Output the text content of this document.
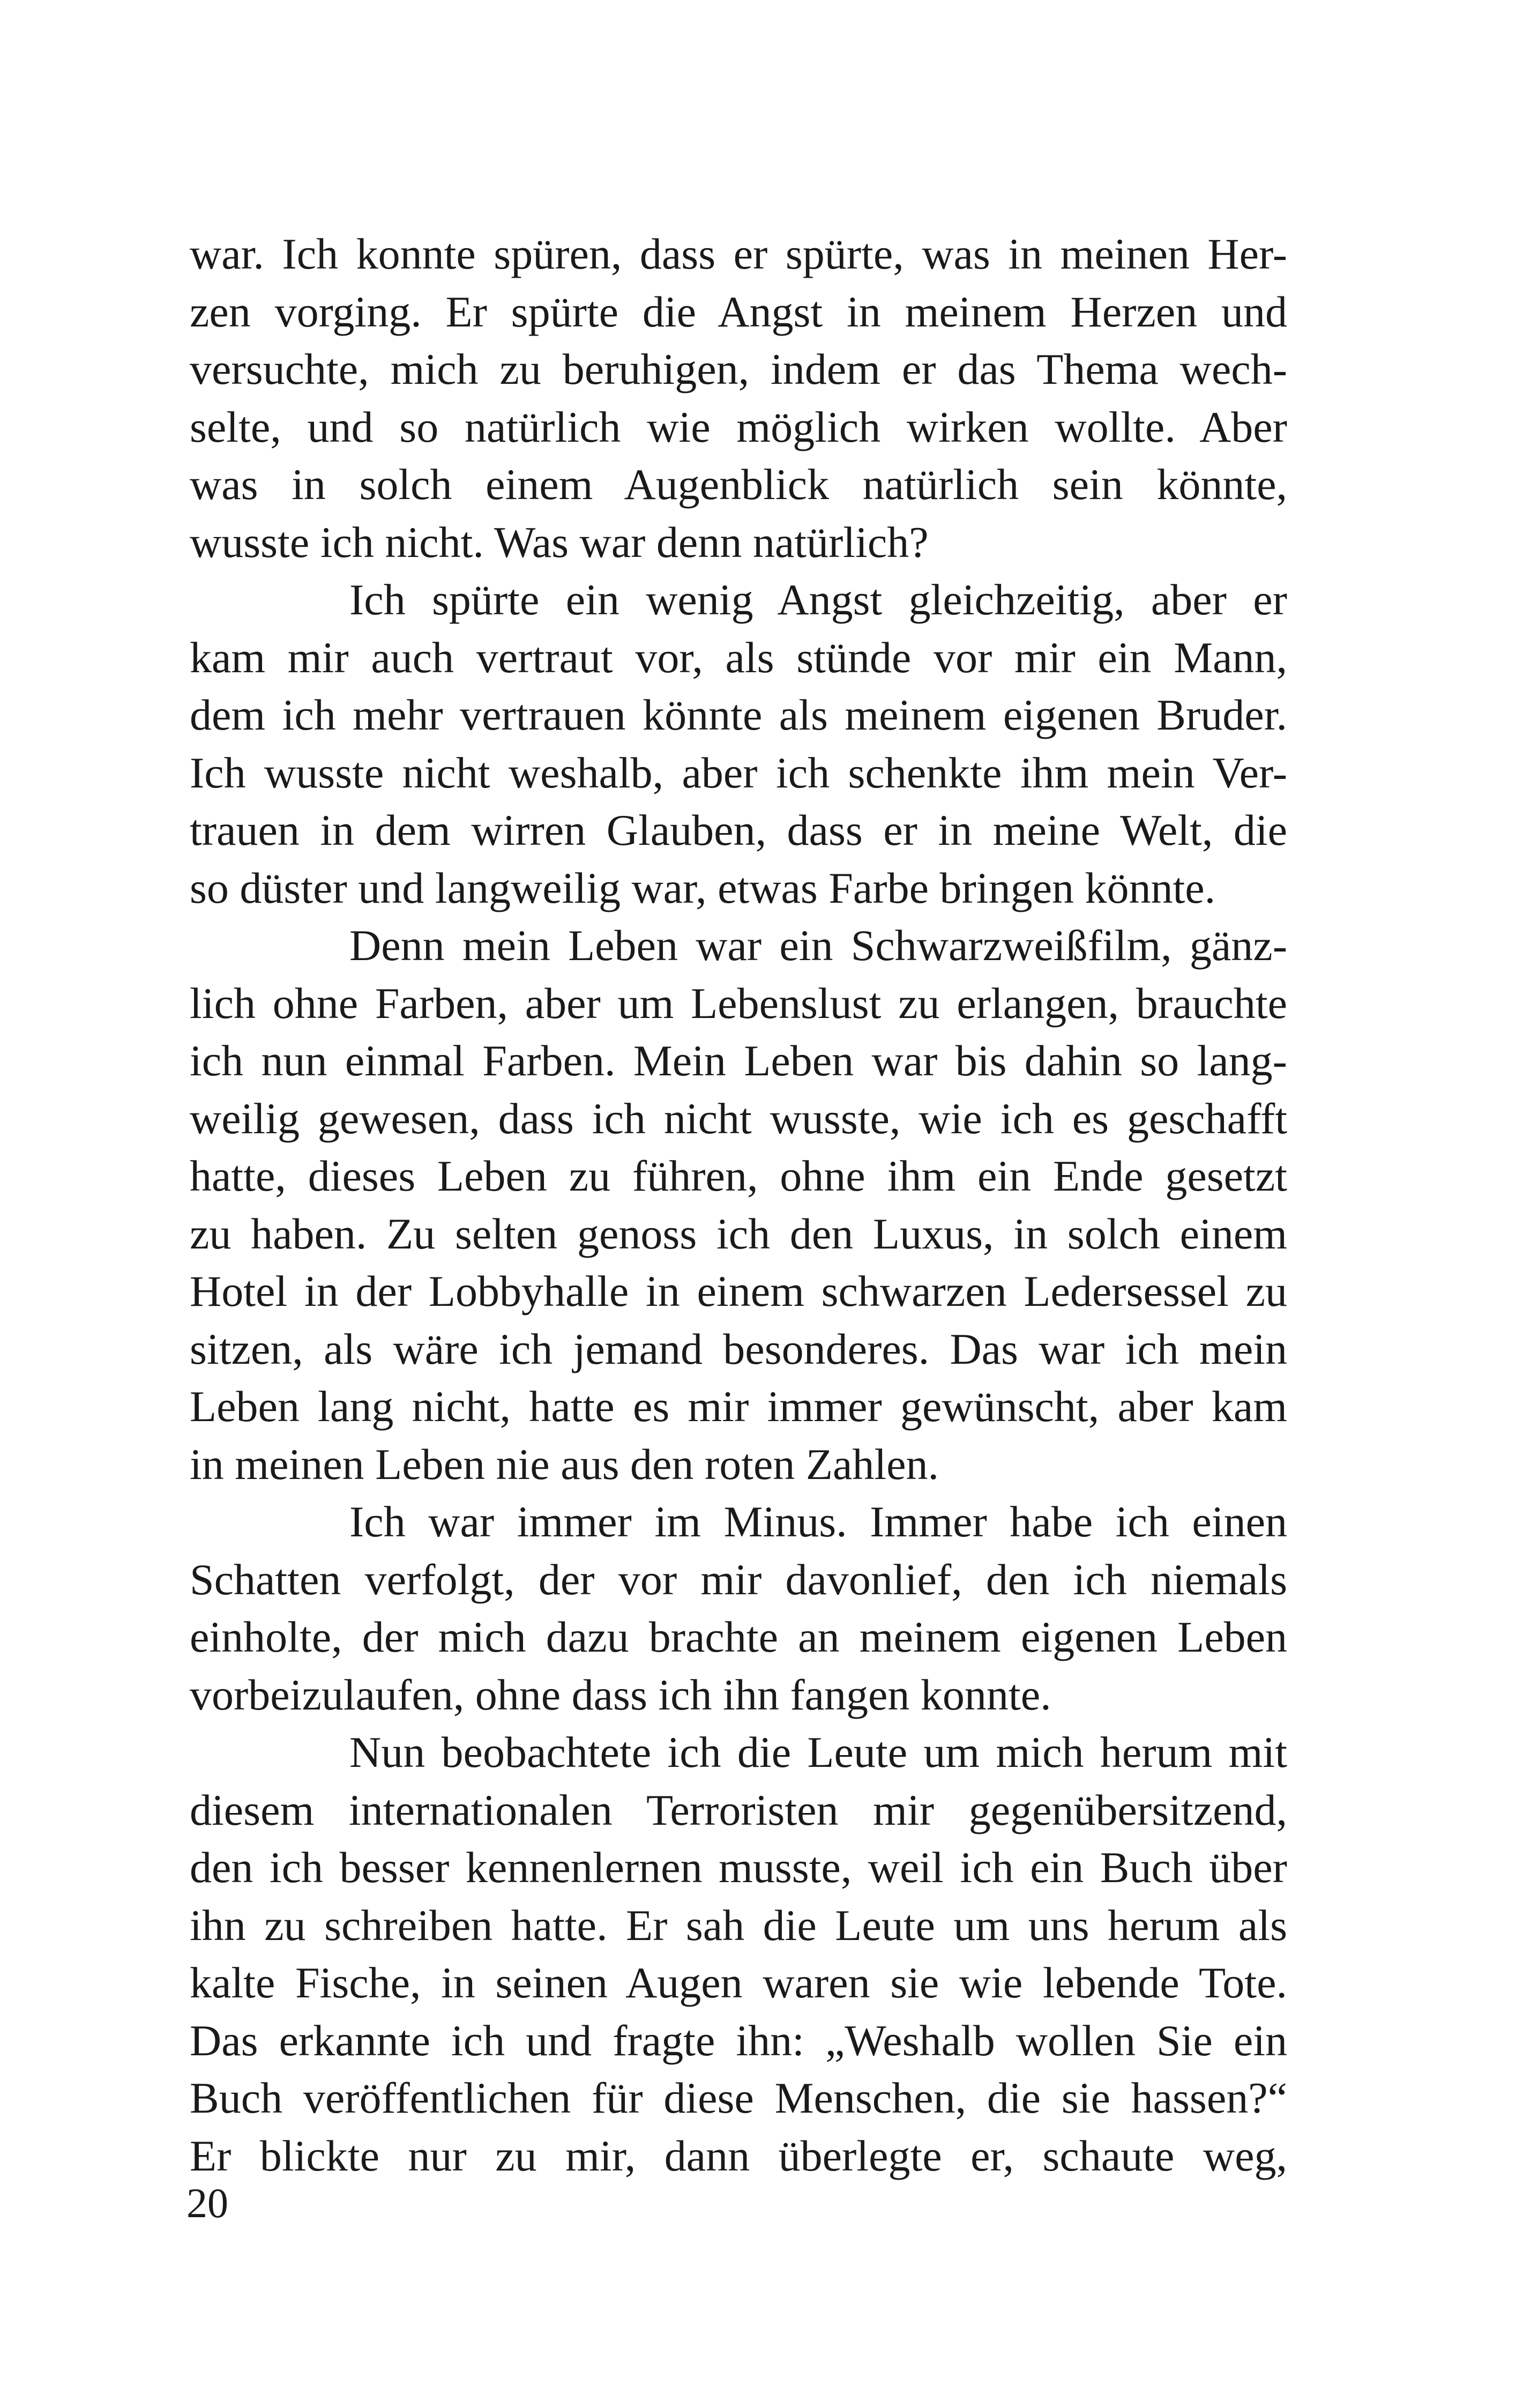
war. Ich konnte spüren, dass er spürte, was in meinen Her-
zen vorging. Er spürte die Angst in meinem Herzen und
versuchte, mich zu beruhigen, indem er das Thema wech-
selte, und so natürlich wie möglich wirken wollte. Aber
was in solch einem Augenblick natürlich sein könnte,
wusste ich nicht. Was war denn natürlich?
Ich spürte ein wenig Angst gleichzeitig, aber er
kam mir auch vertraut vor, als stünde vor mir ein Mann,
dem ich mehr vertrauen könnte als meinem eigenen Bruder.
Ich wusste nicht weshalb, aber ich schenkte ihm mein Ver-
trauen in dem wirren Glauben, dass er in meine Welt, die
so düster und langweilig war, etwas Farbe bringen könnte.
Denn mein Leben war ein Schwarzweißfilm, gänz-
lich ohne Farben, aber um Lebenslust zu erlangen, brauchte
ich nun einmal Farben. Mein Leben war bis dahin so lang-
weilig gewesen, dass ich nicht wusste, wie ich es geschafft
hatte, dieses Leben zu führen, ohne ihm ein Ende gesetzt
zu haben. Zu selten genoss ich den Luxus, in solch einem
Hotel in der Lobbyhalle in einem schwarzen Ledersessel zu
sitzen, als wäre ich jemand besonderes. Das war ich mein
Leben lang nicht, hatte es mir immer gewünscht, aber kam
in meinen Leben nie aus den roten Zahlen.
Ich war immer im Minus. Immer habe ich einen
Schatten verfolgt, der vor mir davonlief, den ich niemals
einholte, der mich dazu brachte an meinem eigenen Leben
vorbeizulaufen, ohne dass ich ihn fangen konnte.
Nun beobachtete ich die Leute um mich herum mit
diesem internationalen Terroristen mir gegenübersitzend,
den ich besser kennenlernen musste, weil ich ein Buch über
ihn zu schreiben hatte. Er sah die Leute um uns herum als
kalte Fische, in seinen Augen waren sie wie lebende Tote.
Das erkannte ich und fragte ihn: „Weshalb wollen Sie ein
Buch veröffentlichen für diese Menschen, die sie hassen?“
Er blickte nur zu mir, dann überlegte er, schaute weg,
20
